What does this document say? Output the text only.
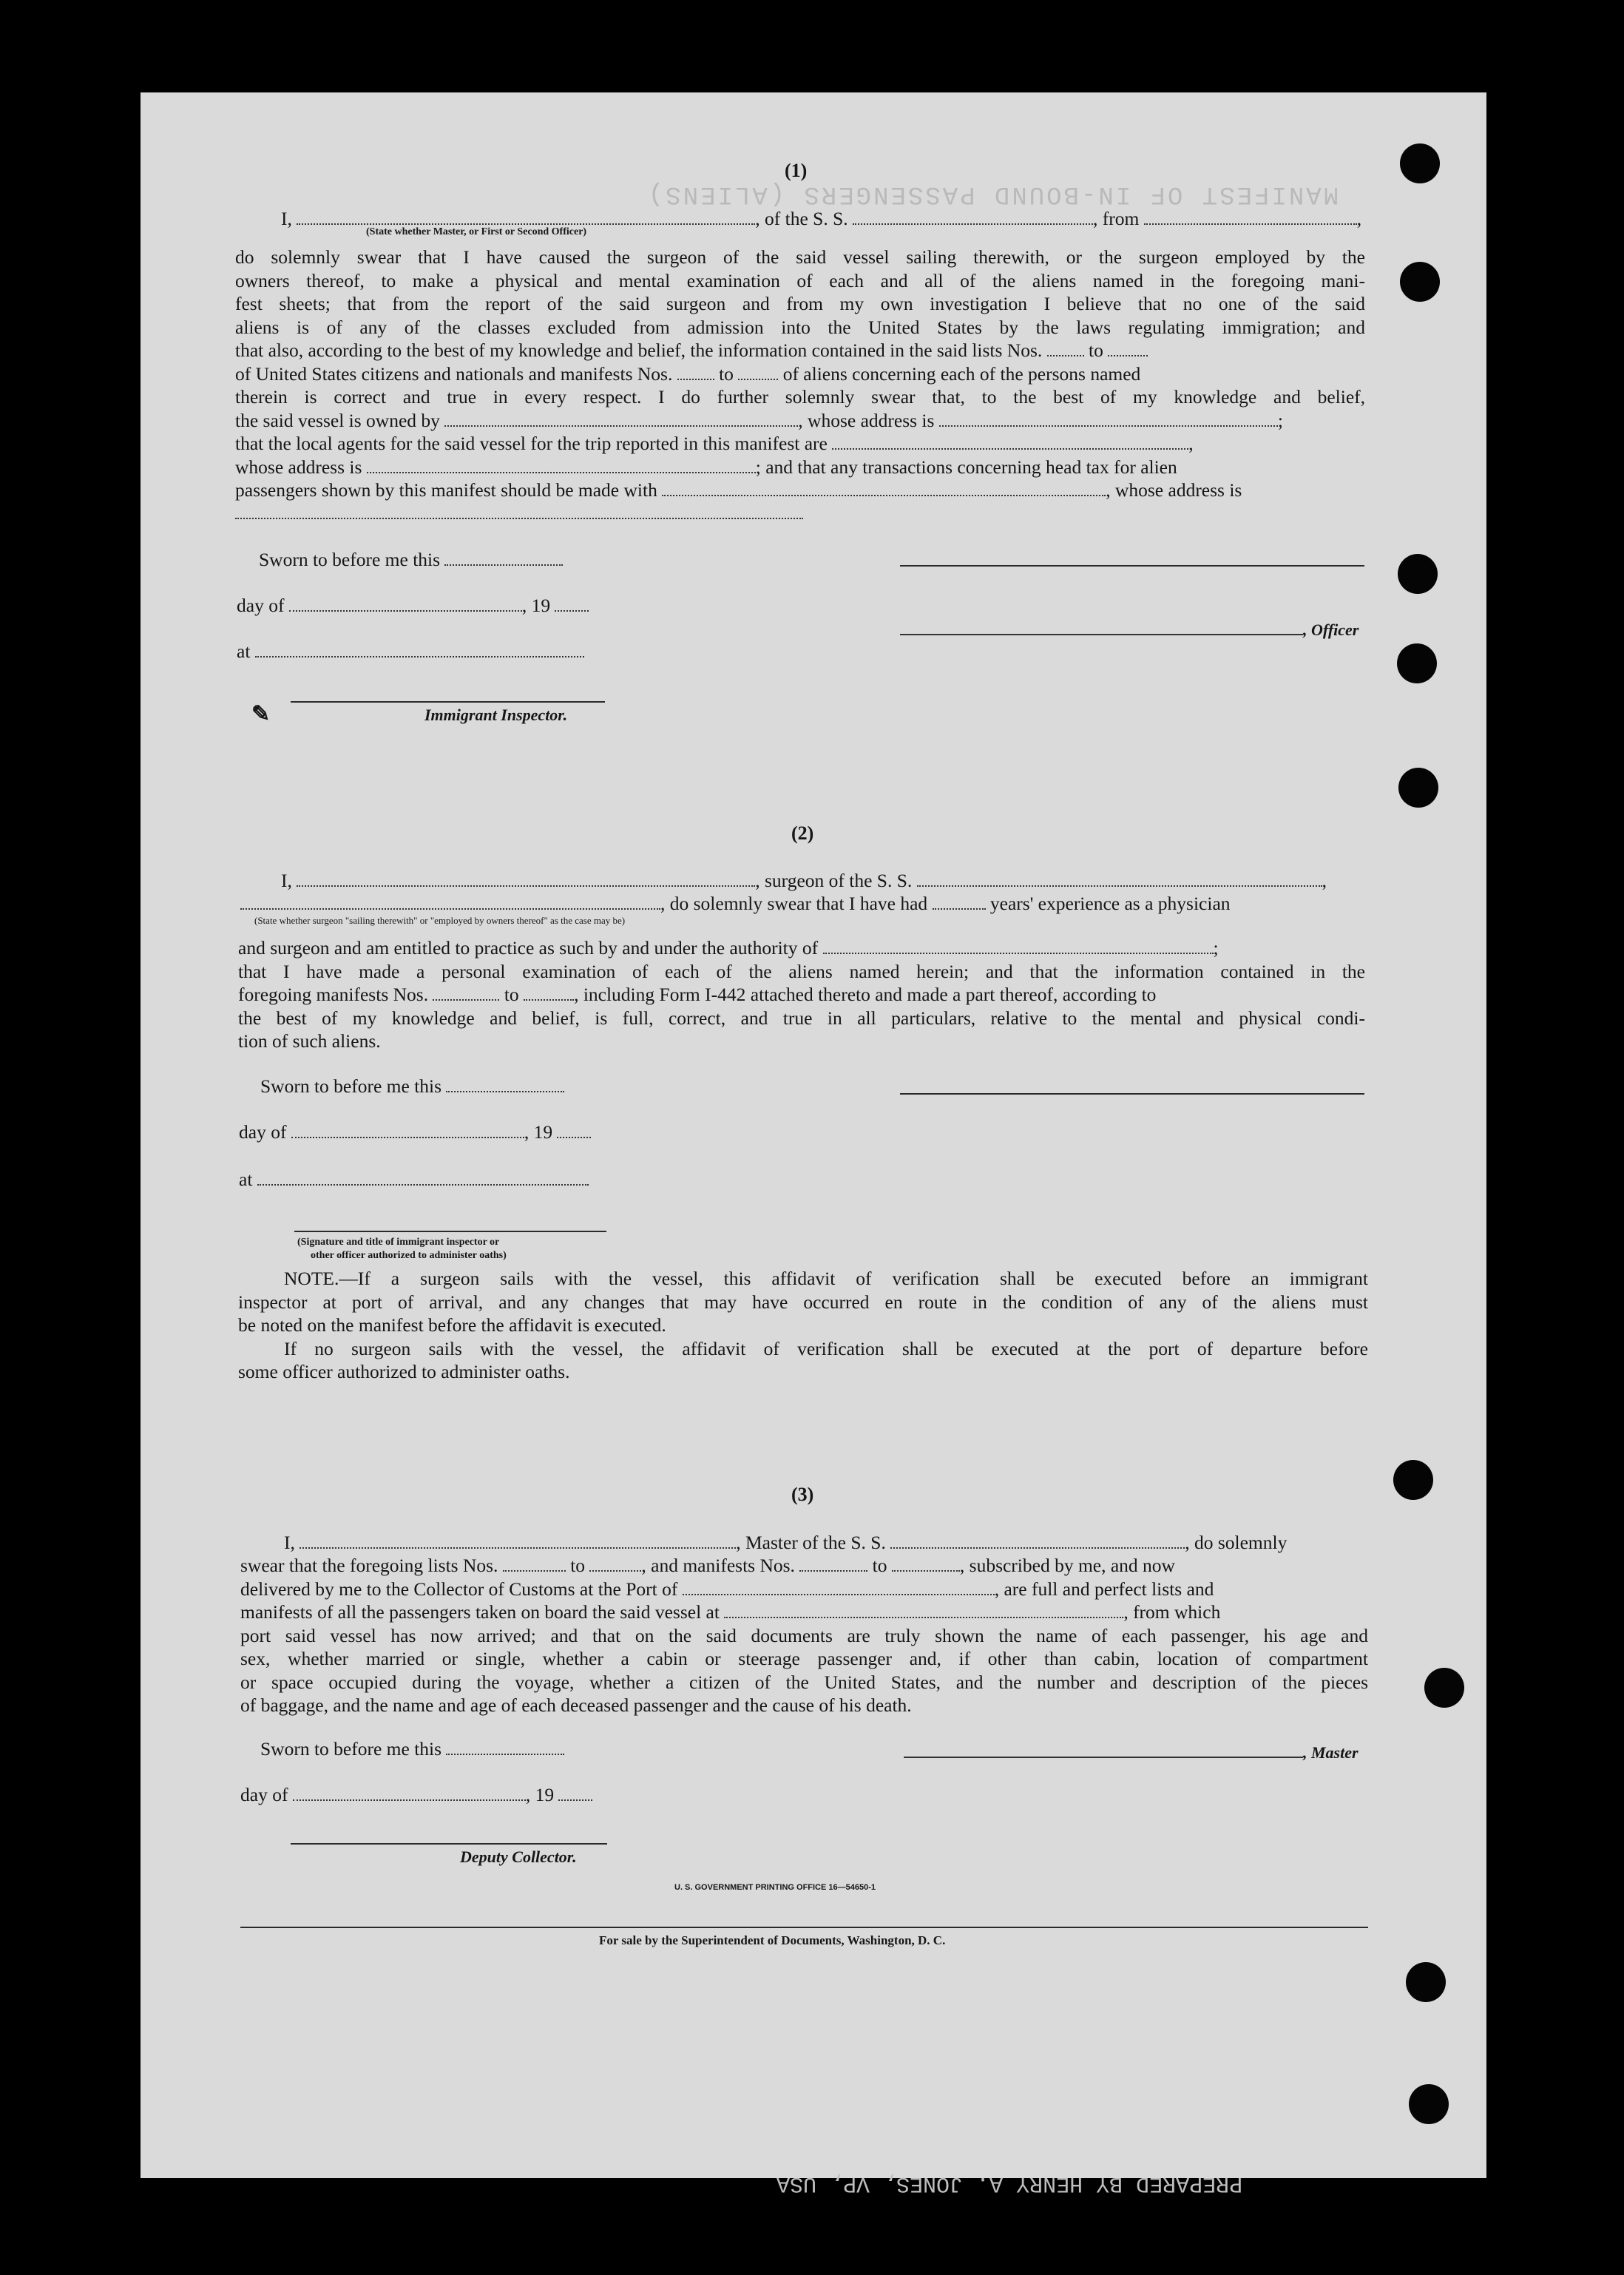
MANIFEST OF IN-BOUND PASSENGERS (ALIENS)
PREPARED BY HENRY A. JONES, VP, USA
(1)
I,	, of the S. S.	, from	,
(State whether Master, or First or Second Officer)
do solemnly swear that I have caused the surgeon of the said vessel sailing therewith, or the surgeon employed by the
owners thereof, to make a physical and mental examination of each and all of the aliens named in the foregoing mani-
fest sheets; that from the report of the said surgeon and from my own investigation I believe that no one of the said
aliens is of any of the classes excluded from admission into the United States by the laws regulating immigration; and
that also, according to the best of my knowledge and belief, the information contained in the said lists Nos. to
of United States citizens and nationals and manifests Nos. to	of aliens concerning each of the persons named
therein is correct and true in every respect. I do further solemnly swear that, to the best of my knowledge and belief,
the said vessel is owned by	, whose address is	;
that the local agents for the said vessel for the trip reported in this manifest are	,
whose address is	; and that any transactions concerning head tax for alien
passengers shown by this manifest should be made with	, whose address is
Sworn to before me this
day of	, 19
at
, Officer
✎	Immigrant Inspector.
(2)
I,	, surgeon of the S. S.	,
, do solemnly swear that I have had	years' experience as a physician
(State whether surgeon "sailing therewith" or "employed by owners thereof" as the case may be)
and surgeon and am entitled to practice as such by and under the authority of	;
that I have made a personal examination of each of the aliens named herein; and that the information contained in the
foregoing manifests Nos.	to	, including Form I-442 attached thereto and made a part thereof, according to
the best of my knowledge and belief, is full, correct, and true in all particulars, relative to the mental and physical condi-
tion of such aliens.
Sworn to before me this
day of	, 19
at
(Signature and title of immigrant inspector or
other officer authorized to administer oaths)
NOTE.—If a surgeon sails with the vessel, this affidavit of verification shall be executed before an immigrant
inspector at port of arrival, and any changes that may have occurred en route in the condition of any of the aliens must
be noted on the manifest before the affidavit is executed.
If no surgeon sails with the vessel, the affidavit of verification shall be executed at the port of departure before
some officer authorized to administer oaths.
(3)
I,	, Master of the S. S.	, do solemnly
swear that the foregoing lists Nos.	to	, and manifests Nos.	to	, subscribed by me, and now
delivered by me to the Collector of Customs at the Port of	, are full and perfect lists and
manifests of all the passengers taken on board the said vessel at	, from which
port said vessel has now arrived; and that on the said documents are truly shown the name of each passenger, his age and
sex, whether married or single, whether a cabin or steerage passenger and, if other than cabin, location of compartment
or space occupied during the voyage, whether a citizen of the United States, and the number and description of the pieces
of baggage, and the name and age of each deceased passenger and the cause of his death.
Sworn to before me this
day of	, 19
, Master
Deputy Collector.
U. S. GOVERNMENT PRINTING OFFICE 16—54650-1
For sale by the Superintendent of Documents, Washington, D. C.
